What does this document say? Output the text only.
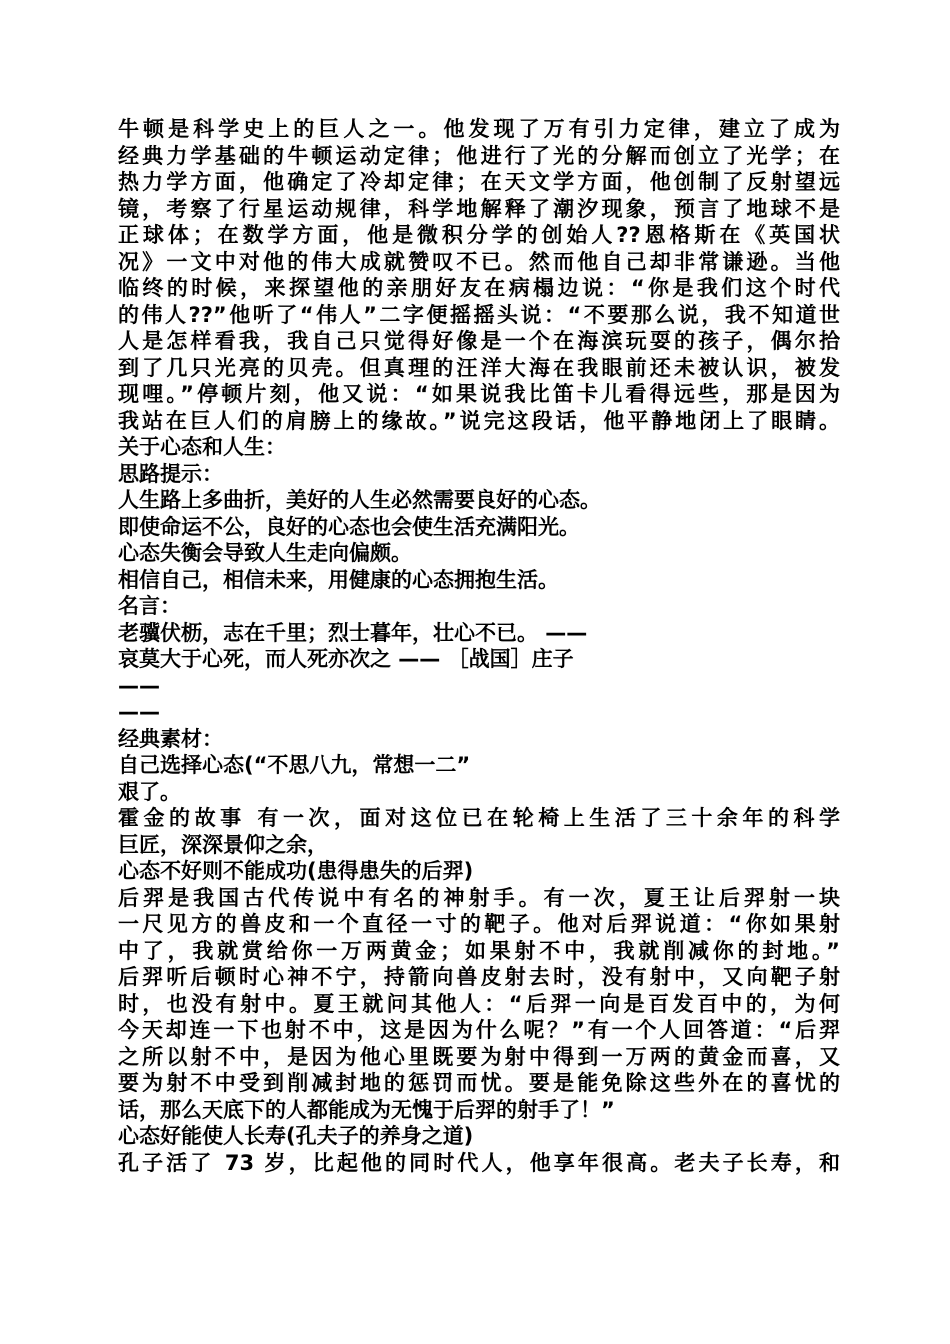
牛顿是科学史上的巨人之一。他发现了万有引力定律，建立了成为
经典力学基础的牛顿运动定律；他进行了光的分解而创立了光学；在
热力学方面，他确定了冷却定律；在天文学方面，他创制了反射望远
镜，考察了行星运动规律，科学地解释了潮汐现象，预言了地球不是
正球体；在数学方面，他是微积分学的创始人??恩格斯在《英国状
况》一文中对他的伟大成就赞叹不已。然而他自己却非常谦逊。当他
临终的时候，来探望他的亲朋好友在病榻边说：“你是我们这个时代
的伟人??”他听了“伟人”二字便摇摇头说：“不要那么说，我不知道世
人是怎样看我，我自己只觉得好像是一个在海滨玩耍的孩子，偶尔拾
到了几只光亮的贝壳。但真理的汪洋大海在我眼前还未被认识，被发
现哩。”停顿片刻，他又说：“如果说我比笛卡儿看得远些，那是因为
我站在巨人们的肩膀上的缘故。”说完这段话，他平静地闭上了眼睛。
关于心态和人生：
思路提示：
人生路上多曲折，美好的人生必然需要良好的心态。
即使命运不公，良好的心态也会使生活充满阳光。
心态失衡会导致人生走向偏颇。
相信自己，相信未来，用健康的心态拥抱生活。
名言：
老骥伏枥，志在千里；烈士暮年，壮心不已。 ——
哀莫大于心死，而人死亦次之 —— ［战国］庄子
——
——
经典素材：
自己选择心态(“不思八九，常想一二”
艰了。
霍金的故事 有一次，面对这位已在轮椅上生活了三十余年的科学
巨匠，深深景仰之余，
心态不好则不能成功(患得患失的后羿)
后羿是我国古代传说中有名的神射手。有一次，夏王让后羿射一块
一尺见方的兽皮和一个直径一寸的靶子。他对后羿说道：“你如果射
中了，我就赏给你一万两黄金；如果射不中，我就削减你的封地。”
后羿听后顿时心神不宁，持箭向兽皮射去时，没有射中，又向靶子射
时，也没有射中。夏王就问其他人：“后羿一向是百发百中的，为何
今天却连一下也射不中，这是因为什么呢？”有一个人回答道：“后羿
之所以射不中，是因为他心里既要为射中得到一万两的黄金而喜，又
要为射不中受到削减封地的惩罚而忧。要是能免除这些外在的喜忧的
话，那么天底下的人都能成为无愧于后羿的射手了！”
心态好能使人长寿(孔夫子的养身之道)
孔子活了 73 岁，比起他的同时代人，他享年很高。老夫子长寿，和
